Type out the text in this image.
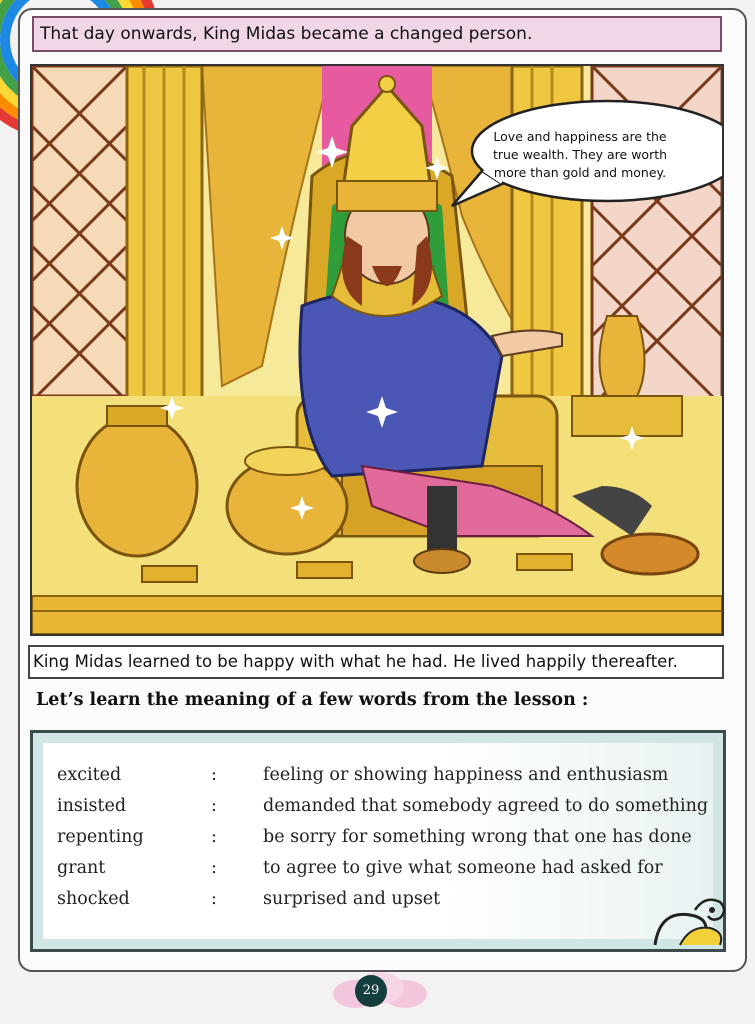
That day onwards, King Midas became a changed person.
Love and happiness are the
true wealth. They are worth
more than gold and money.
King Midas learned to be happy with what he had. He lived happily thereafter.
Let’s learn the meaning of a few words from the lesson :
excited	:	feeling or showing happiness and enthusiasm
insisted	:	demanded that somebody agreed to do something
repenting	:	be sorry for something wrong that one has done
grant	:	to agree to give what someone had asked for
shocked	:	surprised and upset
29
